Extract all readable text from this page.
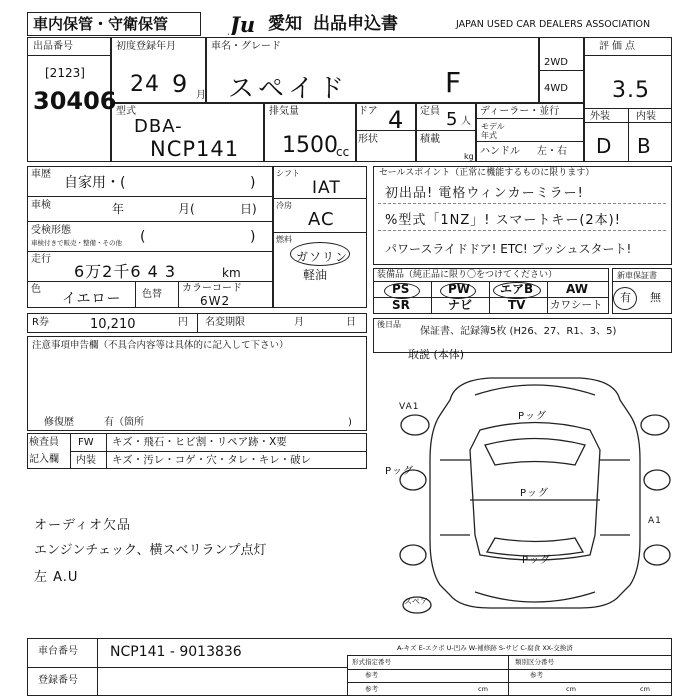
車内保管・守衛保管	Ju 愛知 出品申込書	JAPAN USED CAR DEALERS ASSOCIATION
出品番号
[2123]
30406
初度登録年月
24 9 月
車名・グレード
スペイド	F
2WD
4WD
評価点
3.5
外装	内装
D B
型式
DBA-
NCP141
排気量
1500
cc
ドア 4
形状
定員 5 人
積載
kg
ディーラー・並行
モデル年式
ハンドル 左・右
車歴
自家用・(	)
車検	年	月(	日)
受検形態
車検付きで販売・整備・その他 (	)
走行
6万2千6 4 3	km
色
イエロー 色替
カラーコード
6W2
シフト
IAT
冷房
AC
燃料
ガソリン
軽油
セールスポイント（正常に機能するものに限ります）
初出品! 電格ウィンカーミラー!
%型式「1NZ」! スマートキー(2本)!
パワースライドドア! ETC! プッシュスタート!
装備品（純正品に限り〇をつけてください）
PS	PW エアB	AW
SR	ナビ	TV カワシート
新車保証書
有 無
R券	10,210	円 名変期限	月	日
注意事項申告欄（不具合内容等は具体的に記入して下さい）
修復歴	有（箇所	)
後日品
保証書、記録簿5枚 (H26、27、R1、3、5)
取説 (本体)
検査員
記入欄
FW キズ・飛石・ヒビ割・リペア跡・X要
内装 キズ・汚レ・コゲ・穴・タレ・キレ・破レ
オーディオ欠品
エンジンチェック、横スベリランプ点灯
左 A.U
VA1
Pッグ
Pッグ
Pッグ
Pッグ
A1
スペア
A-キズ E-エクボ U-凹み W-補修跡 S-サビ C-腐食 XX-交換済
車台番号 NCP141 - 9013836
登録番号
形式指定番号
参考
参考	cm
類別区分番号
参考
cm	cm
